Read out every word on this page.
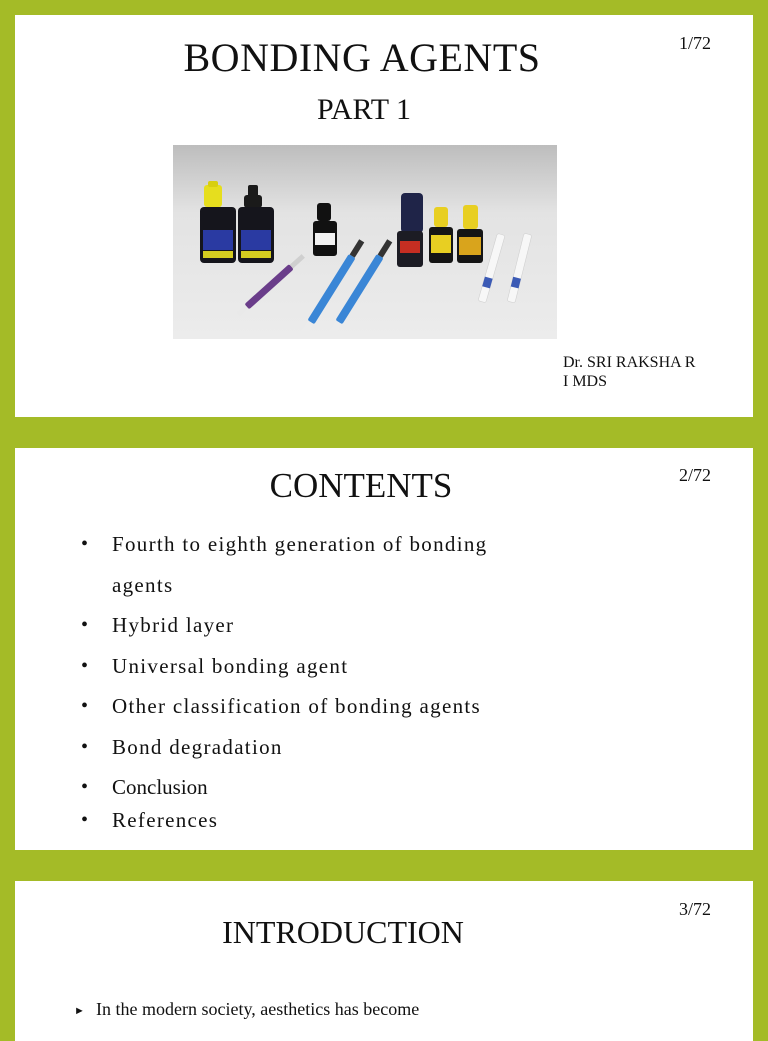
1/72
BONDING AGENTS
PART 1
Dr. SRI RAKSHA R
I MDS
2/72
CONTENTS
• Fourth to eighth generation of bonding agents
• Hybrid layer
• Universal bonding agent
• Other classification of bonding agents
• Bond degradation
• Conclusion
• References
3/72
INTRODUCTION
► In the modern society, aesthetics has become
